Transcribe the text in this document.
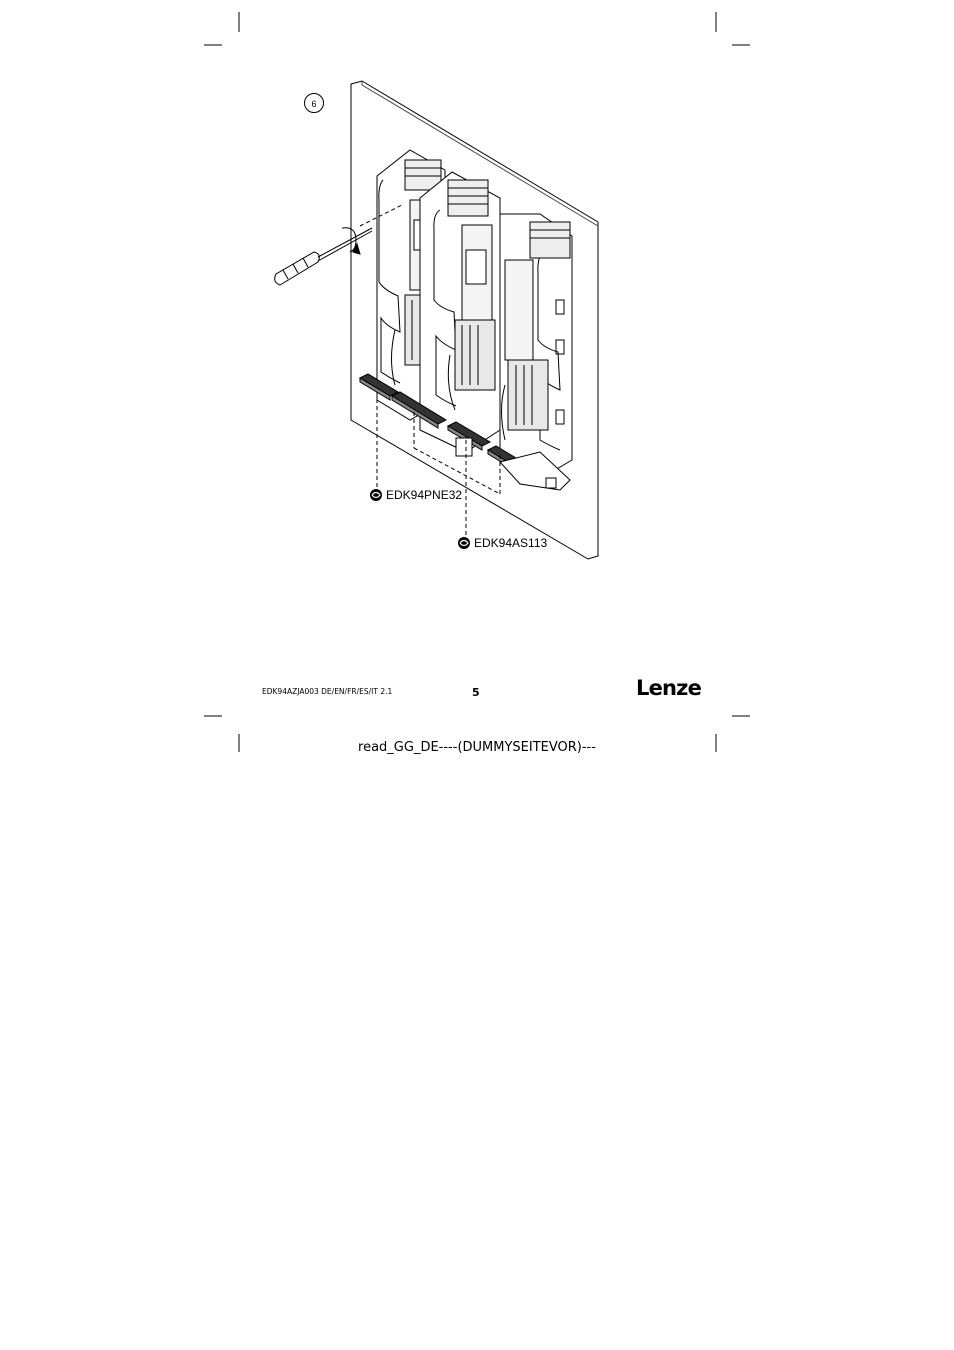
6
EDK94PNE32
EDK94AS113
EDK94AZJA003 DE/EN/FR/ES/IT 2.1	5	Lenze
read_GG_DE----(DUMMYSEITEVOR)---
